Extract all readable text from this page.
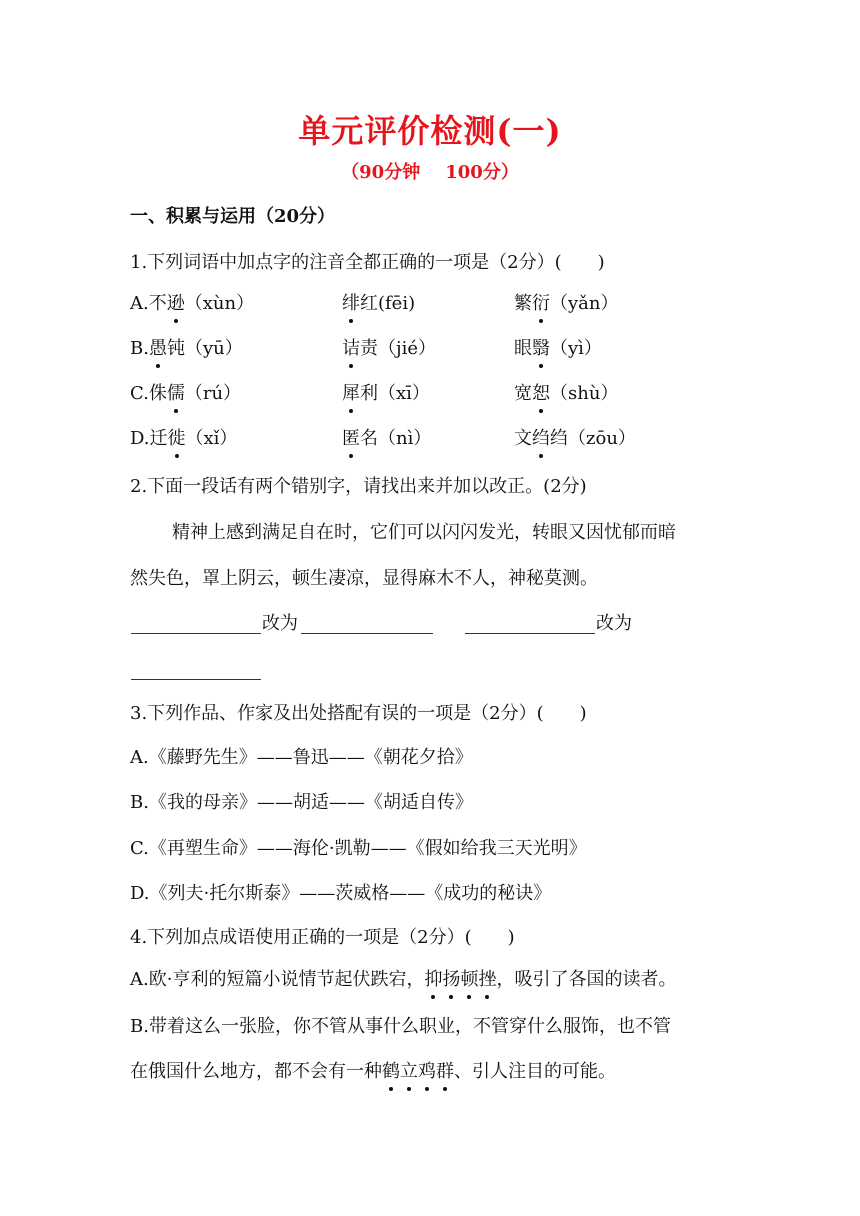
单元评价检测(一)
（90分钟    100分）
一、积累与运用（20分）
1.下列词语中加点字的注音全都正确的一项是（2分）(　　)
A.不逊（xùn）	绯红(fēi)	繁衍（yǎn）
B.愚钝（yū）	诘责（jié）	眼翳（yì）
C.侏儒（rú）	犀利（xī）	宽恕（shù）
D.迁徙（xǐ）	匿名（nì）	文绉绉（zōu）
2.下面一段话有两个错别字，请找出来并加以改正。(2分)
精神上感到满足自在时，它们可以闪闪发光，转眼又因忧郁而暗
然失色，罩上阴云，顿生凄凉，显得麻木不人，神秘莫测。
改为	改为
3.下列作品、作家及出处搭配有误的一项是（2分）(　　)
A.《藤野先生》——鲁迅——《朝花夕拾》
B.《我的母亲》——胡适——《胡适自传》
C.《再塑生命》——海伦·凯勒——《假如给我三天光明》
D.《列夫·托尔斯泰》——茨威格——《成功的秘诀》
4.下列加点成语使用正确的一项是（2分）(　　)
A.欧·亨利的短篇小说情节起伏跌宕，抑扬顿挫，吸引了各国的读者。
B.带着这么一张脸，你不管从事什么职业，不管穿什么服饰，也不管
在俄国什么地方，都不会有一种鹤立鸡群、引人注目的可能。
